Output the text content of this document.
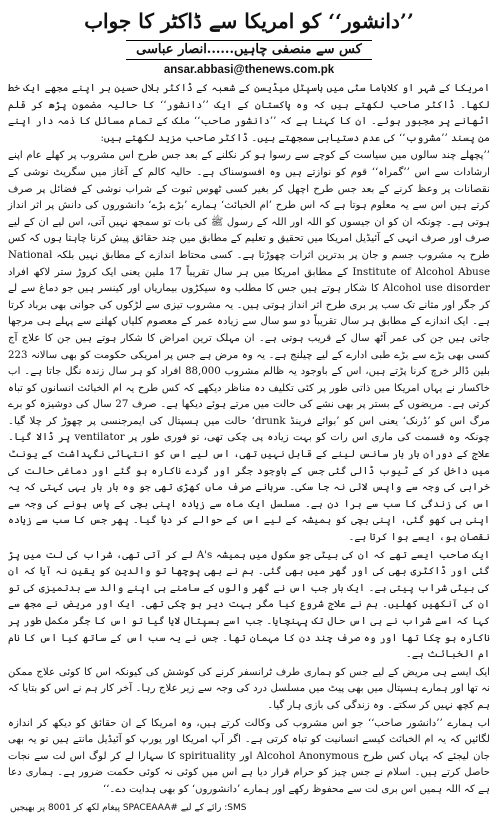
’’دانشور‘‘ کو امریکا سے ڈاکٹر کا جواب
کس سے منصفی چاہیں......انصار عباسی
ansar.abbasi@thenews.com.pk

امریکا کے شہر او کلاہاما سٹی میں ہاسپٹل میڈیسن کے شعبہ کے ڈاکٹر بلال حسین ہر اپنے مجھے ایک خط لکھا۔ ڈاکٹر صاحب لکھتے ہیں کہ وہ پاکستان کے ایک ’’دانشور‘‘ کا حالیہ مضمون پڑھ کر قلم اٹھانے پر مجبور ہوئے۔ ان کا کہنا ہے کہ ’’دانشور صاحب‘‘ ملک کے تمام مسائل کا ذمہ دار اپنے من پسند ’’مشروب‘‘ کی عدم دستیابی سمجھتے ہیں۔ ڈاکٹر صاحب مزید لکھتے ہیں:

’’پچھلے چند سالوں میں سیاست کے کوچے سے رسوا ہو کر نکلنے کے بعد جس طرح اس مشروب پر کھلے عام اپنے ارشادات سے اس ’’گمراہ‘‘ قوم کو نوازتے ہیں وہ افسوسناک ہے۔ حالیہ کالم کے آغاز میں سگریٹ نوشی کے نقصانات پر وعظ کرنے کے بعد جس طرح اچھل کر بغیر کسی ٹھوس ثبوت کے شراب نوشی کے فضائل پر صرف کرتے ہیں اس سے یہ معلوم ہوتا ہے کہ اس طرح ’ام الخبائث‘ ہمارے ’بڑے بڑے‘ دانشوروں کی دانش پر اثر انداز ہوتی ہے۔ چونکہ ان کو ان جیسوں کو اللہ اور اللہ کے رسول ﷺ کی بات تو سمجھ نہیں آتی، اس لیے ان کے لیے صرف اور صرف انہی کے آئیڈیل امریکا میں تحقیق و تعلیم کے مطابق میں چند حقائق پیش کرنا چاہتا ہوں کہ کس طرح یہ مشروب جسم و جان پر بدترین اثرات چھوڑتا ہے۔ کسی محتاط اندازے کے مطابق نہیں بلکہ National Institute of Alcohol Abuse کے مطابق امریکا میں ہر سال تقریباً 17 ملین یعنی ایک کروڑ ستر لاکھ افراد Alcohol use disorder کا شکار ہوتے ہیں جس کا مطلب وہ سیکڑوں بیماریاں اور کینسر ہیں جو دماغ سے لے کر جگر اور مثانے تک سب پر بری طرح اثر انداز ہوتی ہیں۔ یہ مشروب تیزی سے لڑکوں کی جوانی بھی برباد کرتا ہے۔ ایک اندازے کے مطابق ہر سال تقریباً دو سو سال سے زیادہ عمر کے معصوم کلیاں کھلنے سے پہلے ہی مرجھا جاتی ہیں جن کی عمر آٹھ سال کے قریب ہوتی ہے۔ ان مہلک ترین امراض کا شکار ہوتے ہیں جن کا علاج آج کسی بھی بڑے سے بڑے طبی ادارے کے لیے چیلنج ہے۔ یہ وہ مرض ہے جس پر امریکی حکومت کو بھی سالانہ 223 بلین ڈالر خرچ کرنا پڑتے ہیں، اس کے باوجود یہ ظالم مشروب 88,000 افراد کو ہر سال زندہ نگل جاتا ہے۔ اب خاکسار نے یہاں امریکا میں ذاتی طور پر کئی تکلیف دہ مناظر دیکھے کہ کس طرح یہ ام الخبائث انسانوں کو تباہ کرتی ہے۔ مریضوں کے بستر پر بھی نشے کی حالت میں مرتے ہوئے دیکھا ہے۔ صرف 27 سال کی دوشیزہ کو برے مرگ اس کو ’ڈرنک‘ یعنی اس کو ’بوائے فرینڈ drunk‘ حالت میں ہسپتال کی ایمرجنسی پر چھوڑ کر چلا گیا۔ چونکہ وہ قسمت کی ماری اس رات کو بہت زیادہ پی چکی تھی، تو فوری طور پر ventilator پر ڈالا گیا۔ علاج کے دوران بار بار سانس لینے کے قابل نہیں تھی، اس لیے اس کو انتہائی نگہداشت کے یونٹ میں داخل کر کے ٹیوب ڈالی گئی جس کے باوجود جگر اور گردے ناکارہ ہو گئے اور دماغی حالت کی خرابی کی وجہ سے واپس لائی نہ جا سکی۔ سرہانے صرف ماں کھڑی تھی جو وہ بار بار یہی کہتی کہ یہ اس کی زندگی کا سب سے برا دن ہے۔ مسلسل ایک ماہ سے زیادہ اپنی بچی کے پاس ہونے کی وجہ سے اپنی ہی کھو گئی، اپنی بچی کو ہمیشہ کے لیے اس کے حوالے کر دیا گیا۔ پھر جس کا سب سے زیادہ نقصان ہو، ایسے ہوا کرتا ہے۔

ایک صاحب ایسے تھے کہ ان کی بیٹی جو سکول میں ہمیشہ A's لے کر آتی تھی، شراب کی لت میں پڑ گئی اور ڈاکٹری بھی کی اور گھر میں بھی گئی۔ ہم نے بھی پوچھا تو والدین کو یقین نہ آیا کہ ان کی بیٹی شراب پیتی ہے۔ ایک بار جب اس نے گھر والوں کے سامنے ہی اپنے والد سے بدتمیزی کی تو ان کی آنکھیں کھلیں۔ ہم نے علاج شروع کیا مگر بہت دیر ہو چکی تھی۔ ایک اور مریض نے مجھ سے کہا کہ اسے شراب نے ہی اس حال تک پہنچایا۔ جب اسے ہسپتال لایا گیا تو اس کا جگر مکمل طور پر ناکارہ ہو چکا تھا اور وہ صرف چند دن کا مہمان تھا۔ جس نے یہ سب اس کے ساتھ کیا اس کا نام ام الخبائث ہے۔

ایک ایسے ہی مریض کے لیے جس کو ہماری طرف ٹرانسفر کرنے کی کوشش کی کیونکہ اس کا کوئی علاج ممکن نہ تھا اور ہمارے ہسپتال میں بھی پیٹ میں مسلسل درد کی وجہ سے زیر علاج رہا۔ آخر کار ہم نے اس کو بتایا کہ ہم کچھ نہیں کر سکتے۔ وہ زندگی کی بازی ہار گیا۔

اب ہمارے ’’دانشور صاحب‘‘ جو اس مشروب کی وکالت کرتے ہیں، وہ امریکا کے ان حقائق کو دیکھ کر اندازہ لگائیں کہ یہ ام الخبائث کیسے انسانیت کو تباہ کرتی ہے۔ اگر آپ امریکا اور یورپ کو آئیڈیل مانتے ہیں تو یہ بھی جان لیجئے کہ یہاں کس طرح Alcohol Anonymous اور spirituality کا سہارا لے کر لوگ اس لت سے نجات حاصل کرتے ہیں۔ اسلام نے جس چیز کو حرام قرار دیا ہے اس میں کوئی نہ کوئی حکمت ضرور ہے۔ ہماری دعا ہے کہ اللہ ہمیں اس بری لت سے محفوظ رکھے اور ہمارے ’دانشوروں‘ کو بھی ہدایت دے۔‘‘

SMS: رائے کے لیے #SPACEAAA پیغام لکھ کر 8001 پر بھیجیں
